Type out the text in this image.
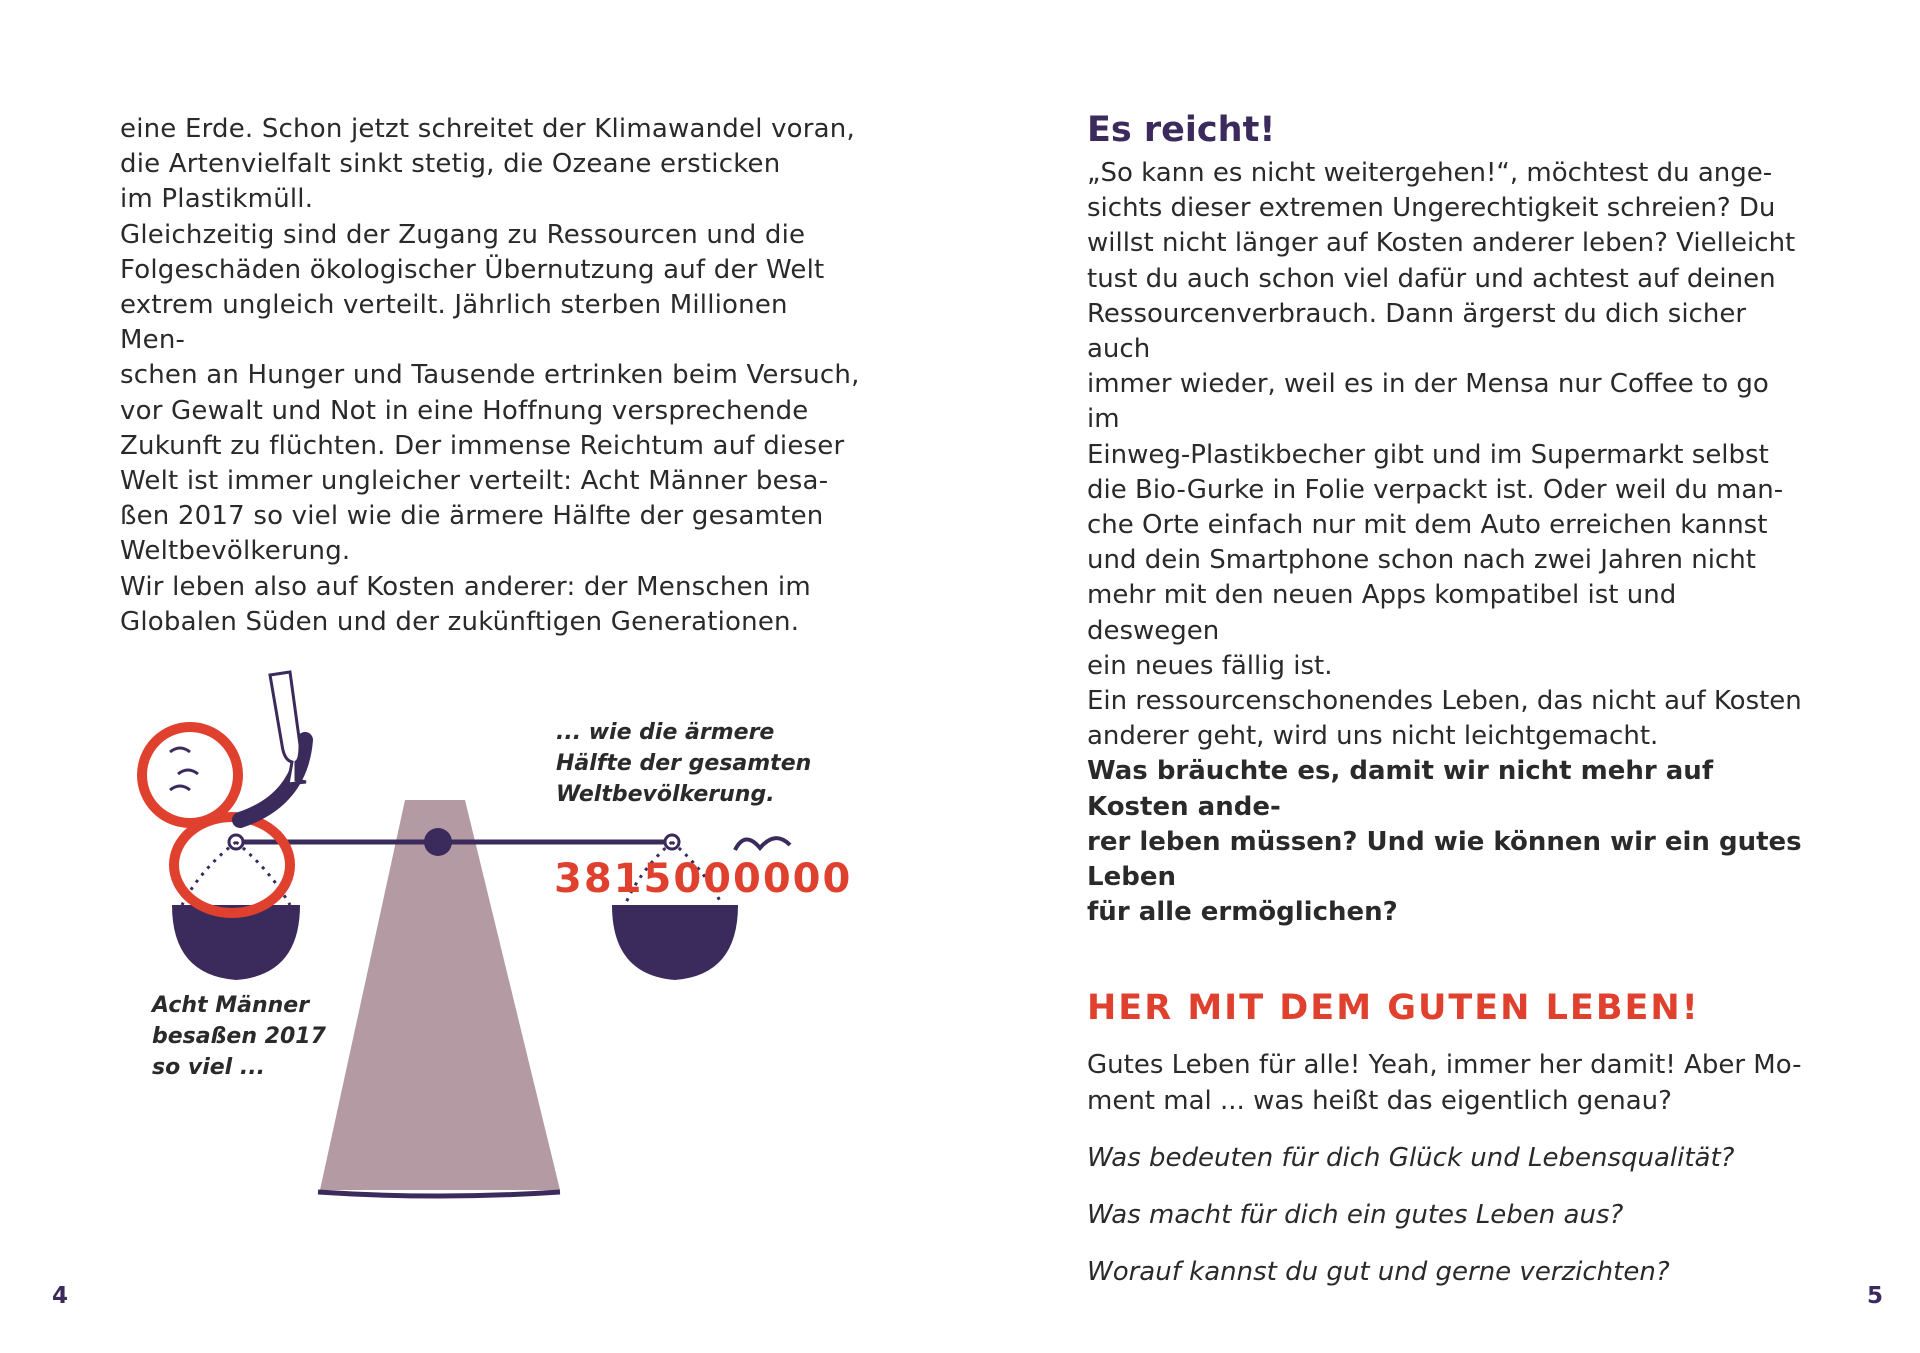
eine Erde. Schon jetzt schreitet der Klimawandel voran,
die Artenvielfalt sinkt stetig, die Ozeane ersticken
im Plastikmüll.

Gleichzeitig sind der Zugang zu Ressourcen und die
Folgeschäden ökologischer Übernutzung auf der Welt
extrem ungleich verteilt. Jährlich sterben Millionen Men-
schen an Hunger und Tausende ertrinken beim Versuch,
vor Gewalt und Not in eine Hoffnung versprechende
Zukunft zu flüchten. Der immense Reichtum auf dieser
Welt ist immer ungleicher verteilt: Acht Männer besa-
ßen 2017 so viel wie die ärmere Hälfte der gesamten
Weltbevölkerung.

Wir leben also auf Kosten anderer: der Menschen im
Globalen Süden und der zukünftigen Generationen.

Acht Männer
besaßen 2017
so viel ...

... wie die ärmere
Hälfte der gesamten
Weltbevölkerung.

3815000000
4
Es reicht!

„So kann es nicht weitergehen!“, möchtest du ange-
sichts dieser extremen Ungerechtigkeit schreien? Du
willst nicht länger auf Kosten anderer leben? Vielleicht
tust du auch schon viel dafür und achtest auf deinen
Ressourcenverbrauch. Dann ärgerst du dich sicher auch
immer wieder, weil es in der Mensa nur Coffee to go im
Einweg-Plastikbecher gibt und im Supermarkt selbst
die Bio-Gurke in Folie verpackt ist. Oder weil du man-
che Orte einfach nur mit dem Auto erreichen kannst
und dein Smartphone schon nach zwei Jahren nicht
mehr mit den neuen Apps kompatibel ist und deswegen
ein neues fällig ist.
Ein ressourcenschonendes Leben, das nicht auf Kosten
anderer geht, wird uns nicht leichtgemacht.

Was bräuchte es, damit wir nicht mehr auf Kosten ande-
rer leben müssen? Und wie können wir ein gutes Leben
für alle ermöglichen?

HER MIT DEM GUTEN LEBEN!

Gutes Leben für alle! Yeah, immer her damit! Aber Mo-
ment mal ... was heißt das eigentlich genau?

Was bedeuten für dich Glück und Lebensqualität?

Was macht für dich ein gutes Leben aus?

Worauf kannst du gut und gerne verzichten?

5
